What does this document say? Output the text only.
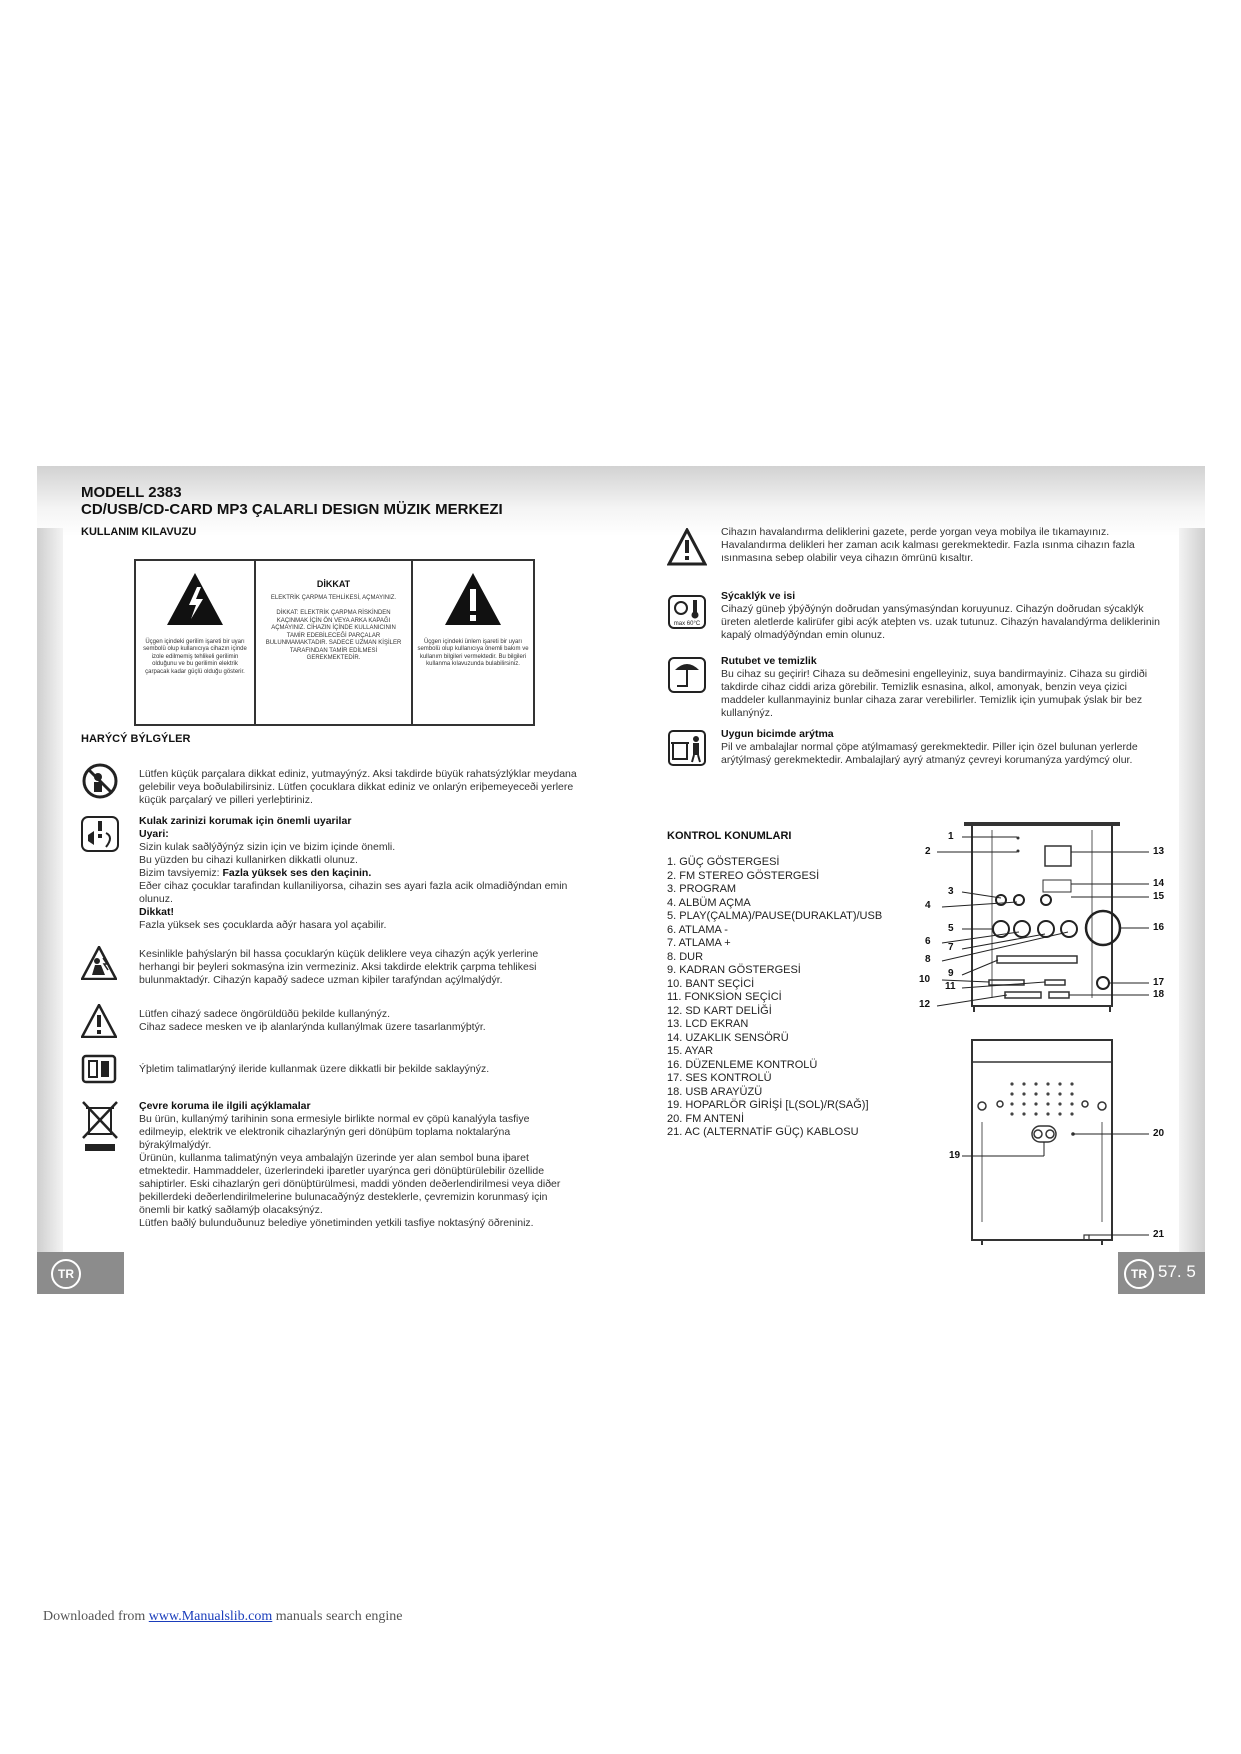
MODELL 2383
CD/USB/CD-CARD MP3 ÇALARLI DESIGN MÜZIK MERKEZI
KULLANIM KILAVUZU
Üçgen içindeki gerilim işareti bir uyarı sembolü olup kullanıcıya cihazın içinde izole edilmemiş tehlikeli gerilimin olduğunu ve bu gerilimin elektrik çarpacak kadar güçlü olduğu gösterir.
DİKKAT
ELEKTRİK ÇARPMA TEHLİKESİ, AÇMAYINIZ.
DİKKAT: ELEKTRİK ÇARPMA RİSKİNDEN KAÇINMAK İÇİN ÖN VEYA ARKA KAPAĞI AÇMAYINIZ. CİHAZIN İÇİNDE KULLANICININ TAMİR EDEBİLECEĞİ PARÇALAR BULUNMAMAKTADIR. SADECE UZMAN KİŞİLER TARAFINDAN TAMİR EDİLMESİ GEREKMEKTEDİR.
Üçgen içindeki ünlem işareti bir uyarı sembolü olup kullanıcıya önemli bakım ve kullanım bilgileri vermektedir. Bu bilgileri kullanma kılavuzunda bulabilirsiniz.
HARÝCÝ BÝLGÝLER
Lütfen küçük parçalara dikkat ediniz, yutmayýnýz. Aksi takdirde büyük rahatsýzlýklar meydana gelebilir veya boðulabilirsiniz. Lütfen çocuklara dikkat ediniz ve onlarýn eriþemeyeceði yerlere küçük parçalarý ve pilleri yerleþtiriniz.
Kulak zarinizi korumak için önemli uyarilar
Uyari:
Sizin kulak saðlýðýnýz sizin için ve bizim içinde önemli.
Bu yüzden bu cihazi kullanirken dikkatli olunuz.
Bizim tavsiyemiz: Fazla yüksek ses den kaçinin.
Eðer cihaz çocuklar tarafindan kullaniliyorsa, cihazin ses ayari fazla acik olmadiðýndan emin olunuz.
Dikkat!
Fazla yüksek ses çocuklarda aðýr hasara yol açabilir.
Kesinlikle þahýslarýn bil hassa çocuklarýn küçük deliklere veya cihazýn açýk yerlerine herhangi bir þeyleri sokmasýna izin vermeziniz. Aksi takdirde elektrik çarpma tehlikesi bulunmaktadýr. Cihazýn kapaðý sadece uzman kiþiler tarafýndan açýlmalýdýr.
Lütfen cihazý sadece öngörüldüðü þekilde kullanýnýz.
Cihaz sadece mesken ve iþ alanlarýnda kullanýlmak üzere tasarlanmýþtýr.
Ýþletim talimatlarýný ileride kullanmak üzere dikkatli bir þekilde saklayýnýz.
Çevre koruma ile ilgili açýklamalar
Bu ürün, kullanýmý tarihinin sona ermesiyle birlikte normal ev çöpü kanalýyla tasfiye edilmeyip, elektrik ve elektronik cihazlarýnýn geri dönüþüm toplama noktalarýna býrakýlmalýdýr.
Ürünün, kullanma talimatýnýn veya ambalajýn üzerinde yer alan sembol buna iþaret etmektedir. Hammaddeler, üzerlerindeki iþaretler uyarýnca geri dönüþtürülebilir özellide sahiptirler. Eski cihazlarýn geri dönüþtürülmesi, maddi yönden deðerlendirilmesi veya diðer þekillerdeki deðerlendirilmelerine bulunacaðýnýz desteklerle, çevremizin korunmasý için önemli bir katký saðlamýþ olacaksýnýz.
Lütfen baðlý bulunduðunuz belediye yönetiminden yetkili tasfiye noktasýný öðreniniz.
TR
Cihazın havalandırma deliklerini gazete, perde yorgan veya mobilya ile tıkamayınız. Havalandırma delikleri her zaman acık kalması gerekmektedir. Fazla ısınma cihazın fazla ısınmasına sebep olabilir veya cihazın ömrünü kısaltır.
max 60°C
Sýcaklýk ve isi
Cihazý güneþ ýþýðýnýn doðrudan yansýmasýndan koruyunuz. Cihazýn doðrudan sýcaklýk üreten aletlerde kalirüfer gibi acýk ateþten vs. uzak tutunuz. Cihazýn havalandýrma deliklerinin kapalý olmadýðýndan emin olunuz.
Rutubet ve temizlik
Bu cihaz su geçirir! Cihaza su deðmesini engelleyiniz, suya bandirmayiniz. Cihaza su girdiði takdirde cihaz ciddi ariza görebilir. Temizlik esnasina, alkol, amonyak, benzin veya çizici maddeler kullanmayiniz bunlar cihaza zarar verebilirler. Temizlik için yumuþak ýslak bir bez kullanýnýz.
Uygun bicimde arýtma
Pil ve ambalajlar normal çöpe atýlmamasý gerekmektedir. Piller için özel bulunan yerlerde arýtýlmasý gerekmektedir. Ambalajlarý ayrý atmanýz çevreyi korumanýza yardýmcý olur.
KONTROL KONUMLARI
1. GÜÇ GÖSTERGESİ
2. FM STEREO GÖSTERGESİ
3. PROGRAM
4. ALBÜM AÇMA
5. PLAY(ÇALMA)/PAUSE(DURAKLAT)/USB
6. ATLAMA -
7. ATLAMA +
8. DUR
9. KADRAN GÖSTERGESİ
10. BANT SEÇİCİ
11. FONKSİON SEÇİCİ
12. SD KART DELİĞİ
13. LCD EKRAN
14. UZAKLIK SENSÖRÜ
15. AYAR
16. DÜZENLEME KONTROLÜ
17. SES KONTROLÜ
18. USB ARAYÜZÜ
19. HOPARLÖR GİRİŞİ [L(SOL)/R(SAĞ)]
20. FM ANTENİ
21. AC (ALTERNATİF GÜÇ) KABLOSU
1
2
3
4
5
6
7
8
9
10
11
12
13
14
15
16
17
18
19
20
21
TR 57. 5
Downloaded from www.Manualslib.com manuals search engine
